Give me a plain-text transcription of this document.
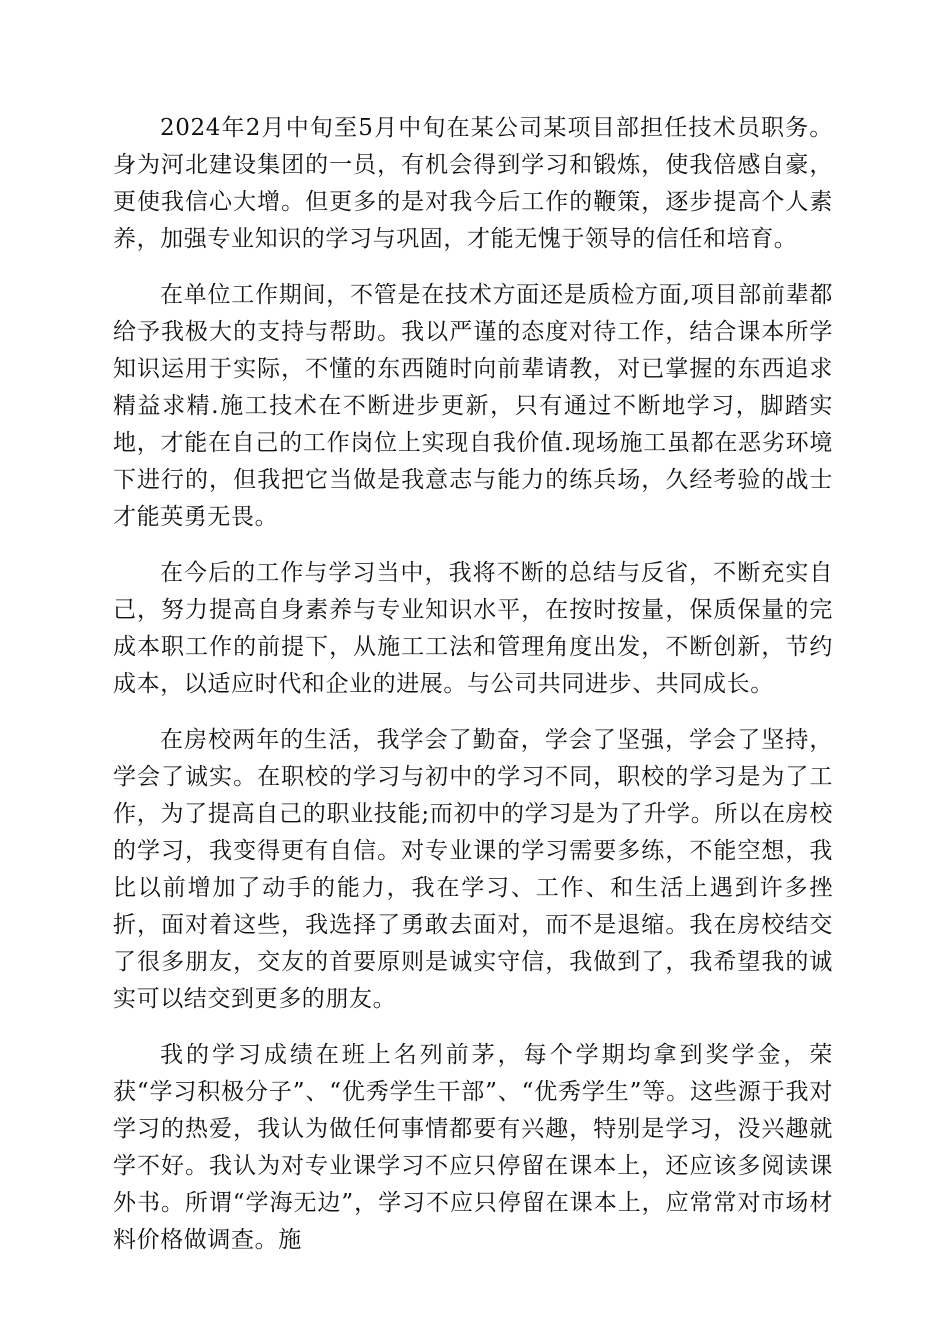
2024年2月中旬至5月中旬在某公司某项目部担任技术员职务。身为河北建设集团的一员，有机会得到学习和锻炼，使我倍感自豪，更使我信心大增。但更多的是对我今后工作的鞭策，逐步提高个人素养，加强专业知识的学习与巩固，才能无愧于领导的信任和培育。

在单位工作期间，不管是在技术方面还是质检方面,项目部前辈都给予我极大的支持与帮助。我以严谨的态度对待工作，结合课本所学知识运用于实际，不懂的东西随时向前辈请教，对已掌握的东西追求精益求精.施工技术在不断进步更新，只有通过不断地学习，脚踏实地，才能在自己的工作岗位上实现自我价值.现场施工虽都在恶劣环境下进行的，但我把它当做是我意志与能力的练兵场，久经考验的战士才能英勇无畏。

在今后的工作与学习当中，我将不断的总结与反省，不断充实自己，努力提高自身素养与专业知识水平，在按时按量，保质保量的完成本职工作的前提下，从施工工法和管理角度出发，不断创新，节约成本，以适应时代和企业的进展。与公司共同进步、共同成长。

在房校两年的生活，我学会了勤奋，学会了坚强，学会了坚持，学会了诚实。在职校的学习与初中的学习不同，职校的学习是为了工作，为了提高自己的职业技能;而初中的学习是为了升学。所以在房校的学习，我变得更有自信。对专业课的学习需要多练，不能空想，我比以前增加了动手的能力，我在学习、工作、和生活上遇到许多挫折，面对着这些，我选择了勇敢去面对，而不是退缩。我在房校结交了很多朋友，交友的首要原则是诚实守信，我做到了，我希望我的诚实可以结交到更多的朋友。

我的学习成绩在班上名列前茅，每个学期均拿到奖学金，荣获“学习积极分子”、“优秀学生干部”、“优秀学生”等。这些源于我对学习的热爱，我认为做任何事情都要有兴趣，特别是学习，没兴趣就学不好。我认为对专业课学习不应只停留在课本上，还应该多阅读课外书。所谓“学海无边”，学习不应只停留在课本上，应常常对市场材料价格做调查。施
